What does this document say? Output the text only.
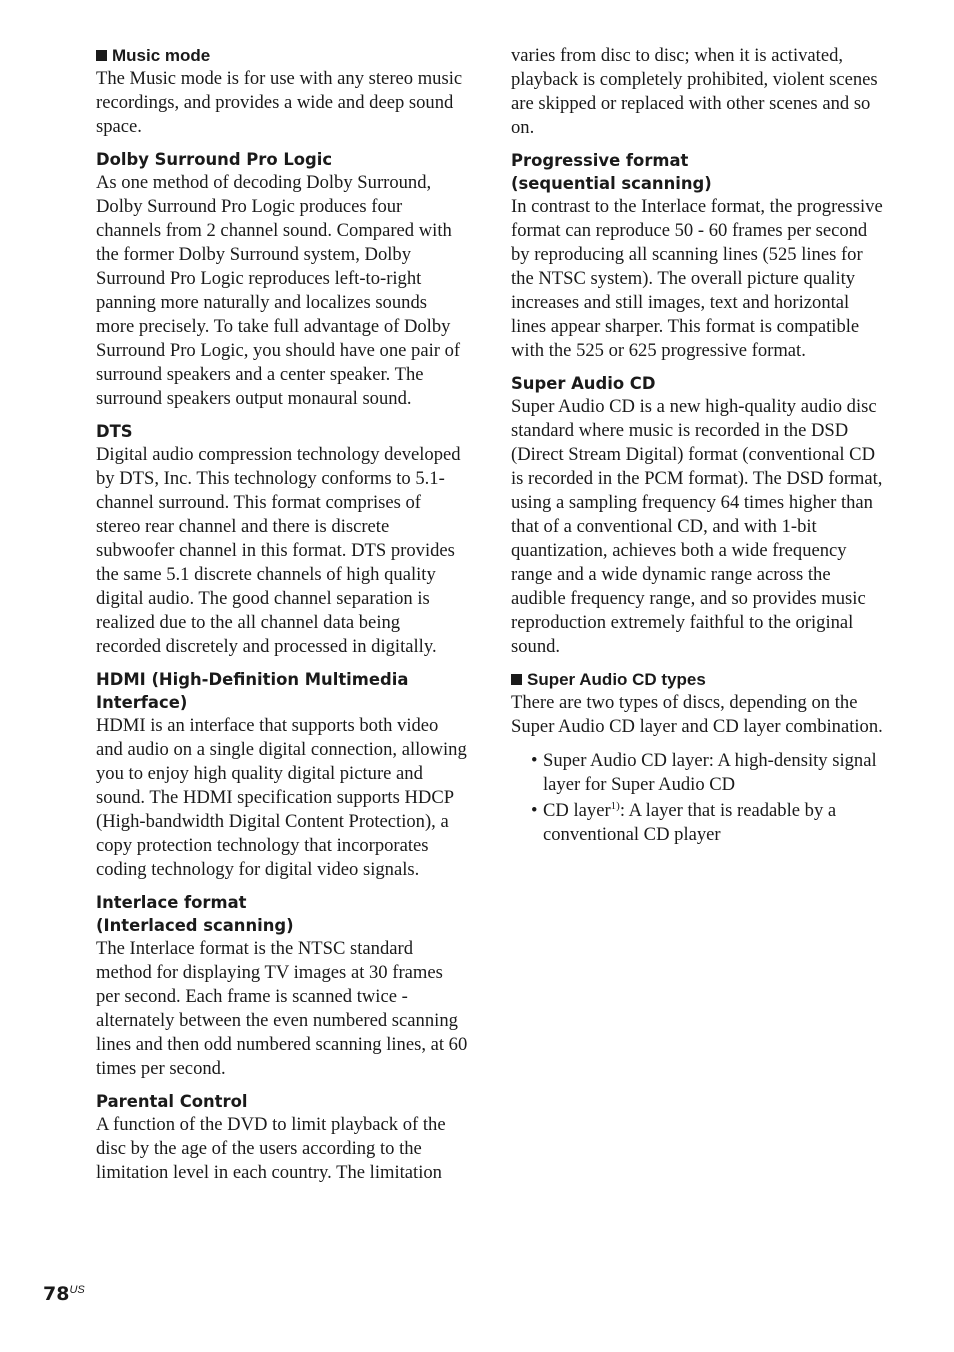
Music mode

The Music mode is for use with any stereo music recordings, and provides a wide and deep sound space.

Dolby Surround Pro Logic

As one method of decoding Dolby Surround, Dolby Surround Pro Logic produces four channels from 2 channel sound. Compared with the former Dolby Surround system, Dolby Surround Pro Logic reproduces left-to-right panning more naturally and localizes sounds more precisely. To take full advantage of Dolby Surround Pro Logic, you should have one pair of surround speakers and a center speaker. The surround speakers output monaural sound.

DTS

Digital audio compression technology developed by DTS, Inc. This technology conforms to 5.1-channel surround. This format comprises of stereo rear channel and there is discrete subwoofer channel in this format. DTS provides the same 5.1 discrete channels of high quality digital audio. The good channel separation is realized due to the all channel data being recorded discretely and processed in digitally.

HDMI (High-Definition Multimedia Interface)

HDMI is an interface that supports both video and audio on a single digital connection, allowing you to enjoy high quality digital picture and sound. The HDMI specification supports HDCP (High-bandwidth Digital Content Protection), a copy protection technology that incorporates coding technology for digital video signals.

Interlace format

(Interlaced scanning)

The Interlace format is the NTSC standard method for displaying TV images at 30 frames per second. Each frame is scanned twice - alternately between the even numbered scanning lines and then odd numbered scanning lines, at 60 times per second.

Parental Control

A function of the DVD to limit playback of the disc by the age of the users according to the limitation level in each country. The limitation

varies from disc to disc; when it is activated, playback is completely prohibited, violent scenes are skipped or replaced with other scenes and so on.

Progressive format

(sequential scanning)

In contrast to the Interlace format, the progressive format can reproduce 50 - 60 frames per second by reproducing all scanning lines (525 lines for the NTSC system). The overall picture quality increases and still images, text and horizontal lines appear sharper. This format is compatible with the 525 or 625 progressive format.

Super Audio CD

Super Audio CD is a new high-quality audio disc standard where music is recorded in the DSD (Direct Stream Digital) format (conventional CD is recorded in the PCM format). The DSD format, using a sampling frequency 64 times higher than that of a conventional CD, and with 1-bit quantization, achieves both a wide frequency range and a wide dynamic range across the audible frequency range, and so provides music reproduction extremely faithful to the original sound.

Super Audio CD types

There are two types of discs, depending on the Super Audio CD layer and CD layer combination.

• Super Audio CD layer: A high-density signal layer for Super Audio CD
• CD layer$^{1)}$: A layer that is readable by a conventional CD player
$78^{US}$
